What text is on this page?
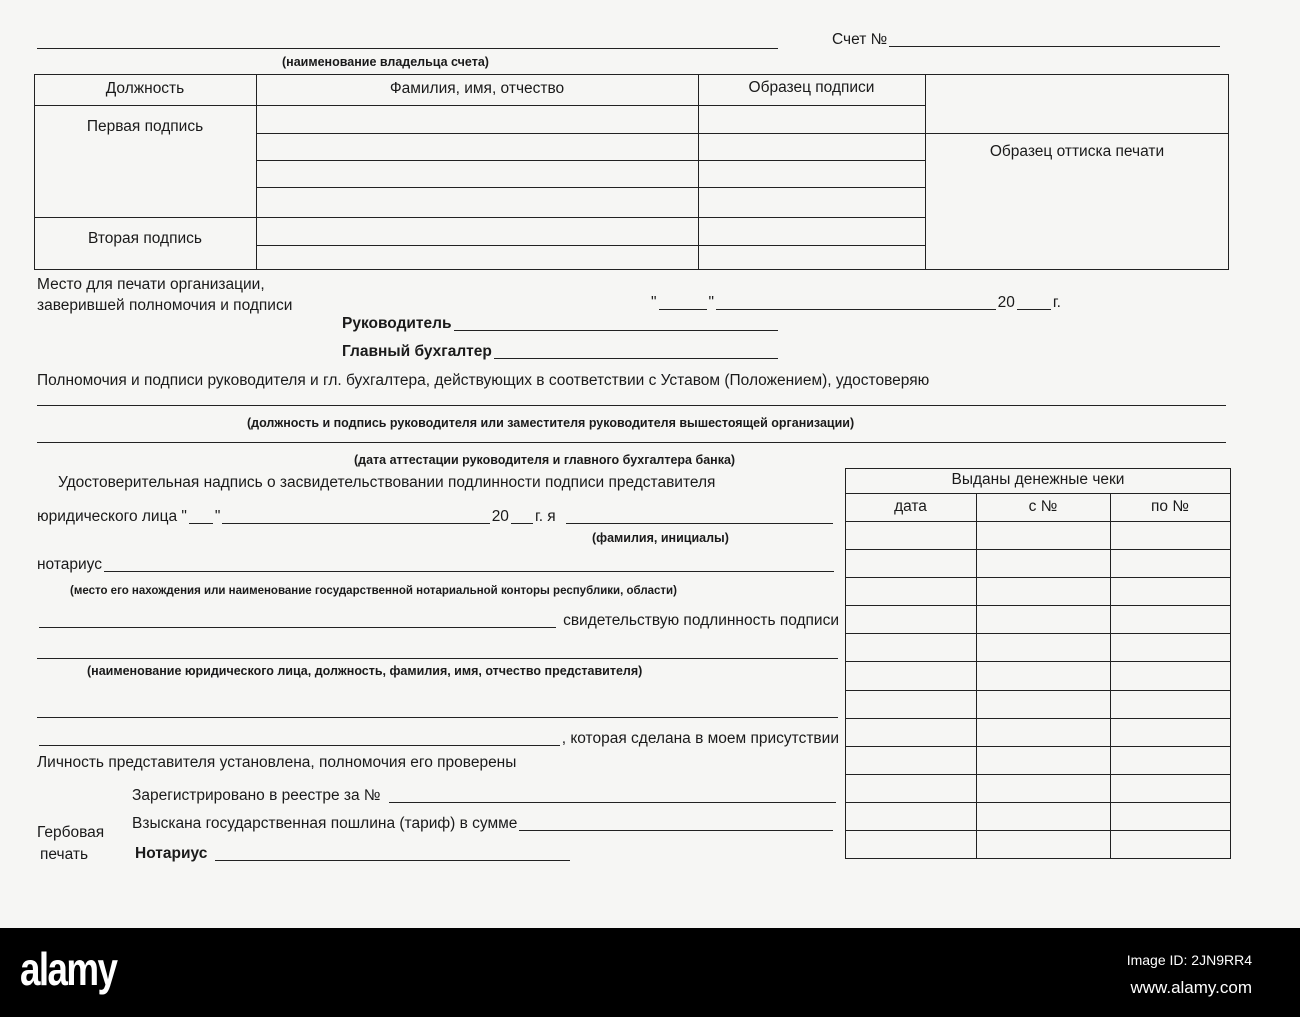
(наименование владельца счета)
Счет №
Должность	Фамилия, имя, отчество	Образец подписи
Образец оттиска печати
Первая подпись
Вторая подпись
Место для печати организации,
заверившей полномочия и подписи	"	"	20 г.
Руководитель
Главный бухгалтер
Полномочия и подписи руководителя и гл. бухгалтера, действующих в соответствии с Уставом (Положением), удостоверяю
(должность и подпись руководителя или заместителя руководителя вышестоящей организации)
(дата аттестации руководителя и главного бухгалтера банка)
Удостоверительная надпись о засвидетельствовании подлинности подписи представителя
юридического лица " "	20 г. я
(фамилия, инициалы)
нотариус
(место его нахождения или наименование государственной нотариальной конторы республики, области)
свидетельствую подлинность подписи
(наименование юридического лица, должность, фамилия, имя, отчество представителя)
, которая сделана в моем присутствии
Личность представителя установлена, полномочия его проверены
Зарегистрировано в реестре за №
Взыскана государственная пошлина (тариф) в сумме
Гербовая
печать	Нотариус
Выданы денежные чеки
дата	с №	по №
alamy	Image ID: 2JN9RR4
www.alamy.com
